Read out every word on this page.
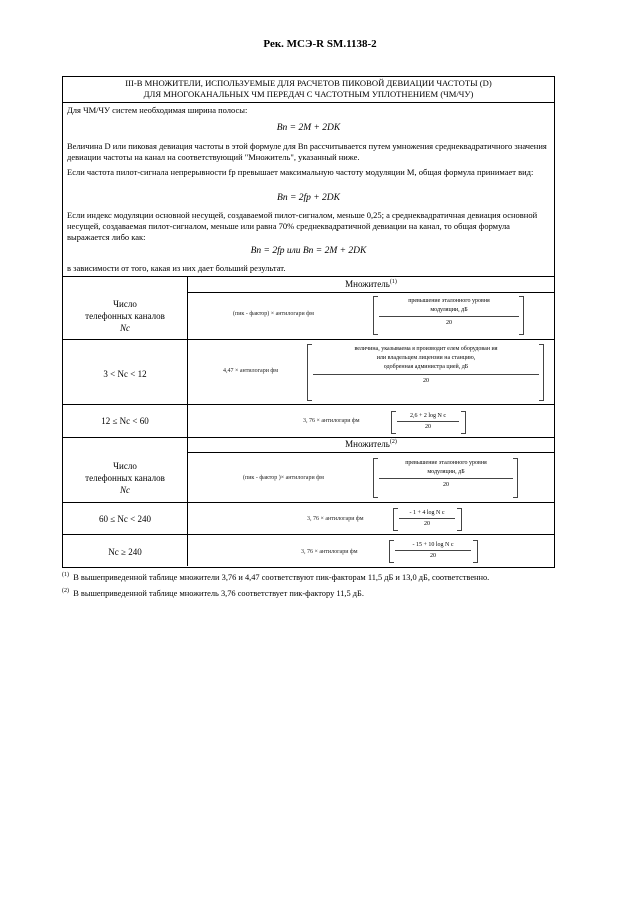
Рек. МСЭ-R SM.1138-2
III-B МНОЖИТЕЛИ, ИСПОЛЬЗУЕМЫЕ ДЛЯ РАСЧЕТОВ ПИКОВОЙ ДЕВИАЦИИ ЧАСТОТЫ (D)
ДЛЯ МНОГОКАНАЛЬНЫХ ЧМ ПЕРЕДАЧ С ЧАСТОТНЫМ УПЛОТНЕНИЕМ (ЧМ/ЧУ)
Для ЧМ/ЧУ систем необходимая ширина полосы:
Bn = 2M + 2DK
Величина D или пиковая девиация частоты в этой формуле для Bn рассчитывается путем умножения среднеквадратичного значения девиации частоты на канал на соответствующий "Множитель", указанный ниже.
Если частота пилот-сигнала непрерывности fp превышает максимальную частоту модуляции M, общая формула принимает вид:
Bn = 2fp + 2DK
Если индекс модуляции основной несущей, создаваемой пилот-сигналом, меньше 0,25; а среднеквадратичная девиация основной несущей, создаваемая пилот-сигналом, меньше или равна 70% среднеквадратичной девиации на канал, то общая формула выражается либо как:
Bn = 2fp или Bn = 2M + 2DK
в зависимости от того, какая из них дает больший результат.
Множитель$^{(1)}$
Множитель$^{(2)}$
Число
телефонных каналов
Nc
(пик - фактор) × антилогари фм
превышение эталонного уровня
модуляции, дБ
20
3 < Nc < 12	4,47 × антилогари фм
величина, указываема я производит елем оборудован ия
или владельцем лицензии на станцию,
одобренная администра цией, дБ
20
12 ≤ Nc < 60	3, 76 × антилогари фм
2,6 + 2 log N c
20
Число
телефонных каналов
Nc
(пик - фактор )× антилогари фм
превышение эталонного уровня
модуляции, дБ
20
60 ≤ Nc < 240	3, 76 × антилогари фм
- 1 + 4 log N c
20
Nc ≥ 240	3, 76 × антилогари фм
- 15 + 10 log N c
20
$^{(1)}$ В вышеприведенной таблице множители 3,76 и 4,47 соответствуют пик-факторам 11,5 дБ и 13,0 дБ, соответственно.
$^{(2)}$ В вышеприведенной таблице множитель 3,76 соответствует пик-фактору 11,5 дБ.
